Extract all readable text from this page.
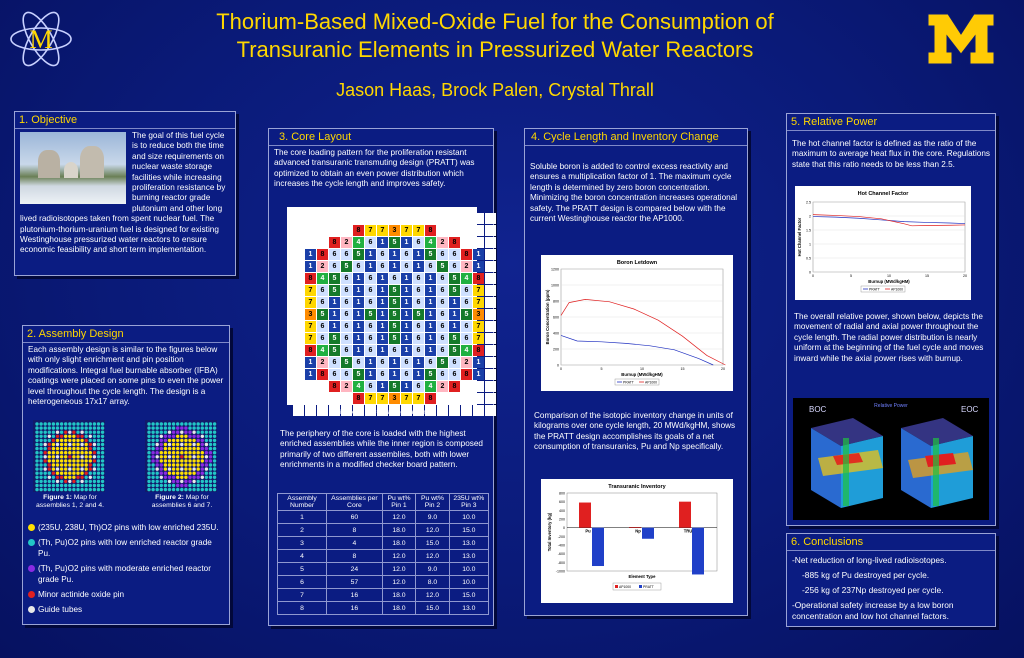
M
Thorium-Based Mixed-Oxide Fuel for the Consumption of
Transuranic Elements in Pressurized Water Reactors
Jason Haas, Brock Palen, Crystal Thrall
1. Objective
The goal of this fuel cycle is to reduce both the time and size requirements on nuclear waste storage facilities while increasing proliferation resistance by burning reactor grade plutonium and other long lived radioisotopes taken from spent nuclear fuel. The plutonium-thorium-uranium fuel is designed for existing Westinghouse pressurized water reactors to ensure economic feasibility and short term implementation.
2. Assembly Design
Each assembly design is similar to the figures below with only slight enrichment and pin position modifications. Integral fuel burnable absorber (IFBA) coatings were placed on some pins to even the power level throughout the cycle length. The design is a heterogeneous 17x17 array.
Figure 1: Map for assemblies 1, 2 and 4.
Figure 2: Map for assemblies 6 and 7.
(235U, 238U, Th)O2 pins with low enriched 235U.
(Th, Pu)O2 pins with low enriched reactor grade Pu.
(Th, Pu)O2 pins with moderate enriched reactor grade Pu.
Minor actinide oxide pin
Guide tubes
3. Core Layout
The core loading pattern for the proliferation resistant advanced transuranic transmuting design (PRATT) was optimized to obtain an even power distribution which increases the cycle length and improves safety.
8	7	7	3	7	7	8
8	2	4	6	1	5	1	6	4	2	8
1	8	6	6	5	1	6	1	6	1	5	6	6	8	1
1	2	6	5	6	1	6	1	6	1	6	5	6	2	1
8	4	5	6	1	6	1	6	1	6	1	6	5	4	8
7	6	5	6	1	6	1	5	1	6	1	6	5	6	7
7	6	1	6	1	6	1	5	1	6	1	6	1	6	7
3	5	1	6	1	5	1	5	1	5	1	6	1	5	3
7	6	1	6	1	6	1	5	1	6	1	6	1	6	7
7	6	5	6	1	6	1	5	1	6	1	6	5	6	7
8	4	5	6	1	6	1	6	1	6	1	6	5	4	8
1	2	6	5	6	1	6	1	6	1	6	5	6	2	1
1	8	6	6	5	1	6	1	6	1	5	6	6	8	1
8	2	4	6	1	5	1	6	4	2	8
8	7	7	3	7	7	8
Figure 3: Core loading pattern.
The periphery of the core is loaded with the highest enriched assemblies while the inner region is composed primarily of two different assemblies, both with lower enrichments in a modified checker board pattern.
Assembly Number	Assemblies per Core	Pu wt% Pin 1	Pu wt% Pin 2	235U wt% Pin 3
1	60	12.0	9.0	10.0
2	8	18.0	12.0	15.0
3	4	18.0	15.0	13.0
4	8	12.0	12.0	13.0
5	24	12.0	9.0	10.0
6	57	12.0	8.0	10.0
7	16	18.0	12.0	15.0
8	16	18.0	15.0	13.0
4. Cycle Length and Inventory Change
Soluble boron is added to control excess reactivity and ensures a multiplication factor of 1. The maximum cycle length is determined by zero boron concentration. Minimizing the boron concentration increases operational safety. The PRATT design is compared below with the current Westinghouse reactor the AP1000.
Boron Letdown
0
200
400
600
800
1000
1200
0	5	10	15	20
Burnup (MWd/kgHM)
Boron Concentration (ppm)
PRATT	AP1000
Comparison of the isotopic inventory change in units of kilograms over one cycle length, 20 MWd/kgHM, shows the PRATT design accomplishes its goals of a net consumption of transuranics, Pu and Np specifically.
Transuranic Inventory
800
600
400
200
0
-200
-400
-600
-800
-1000
Pu	Np	TRU
Element Type
Total Inventory (kg)
AP1000	PRATT
5. Relative Power
The hot channel factor is defined as the ratio of the maximum to average heat flux in the core. Regulations state that this ratio needs to be less than 2.5.
Hot Channel Factor
0
0.5
1
1.5
2
2.5
0	5	10	15	20
Burnup (MWd/kgHM)
Hot Channel Factor
PRATT	AP1000
The overall relative power, shown below, depicts the movement of radial and axial power throughout the cycle length. The radial power distribution is nearly uniform at the beginning of the fuel cycle and moves inward while the axial power rises with burnup.
BOC	EOC
Relative Power
6. Conclusions
-Net reduction of long-lived radioisotopes.
-885 kg of Pu destroyed per cycle.
-256 kg of 237Np destroyed per cycle.
-Operational safety increase by a low boron concentration and low hot channel factors.
